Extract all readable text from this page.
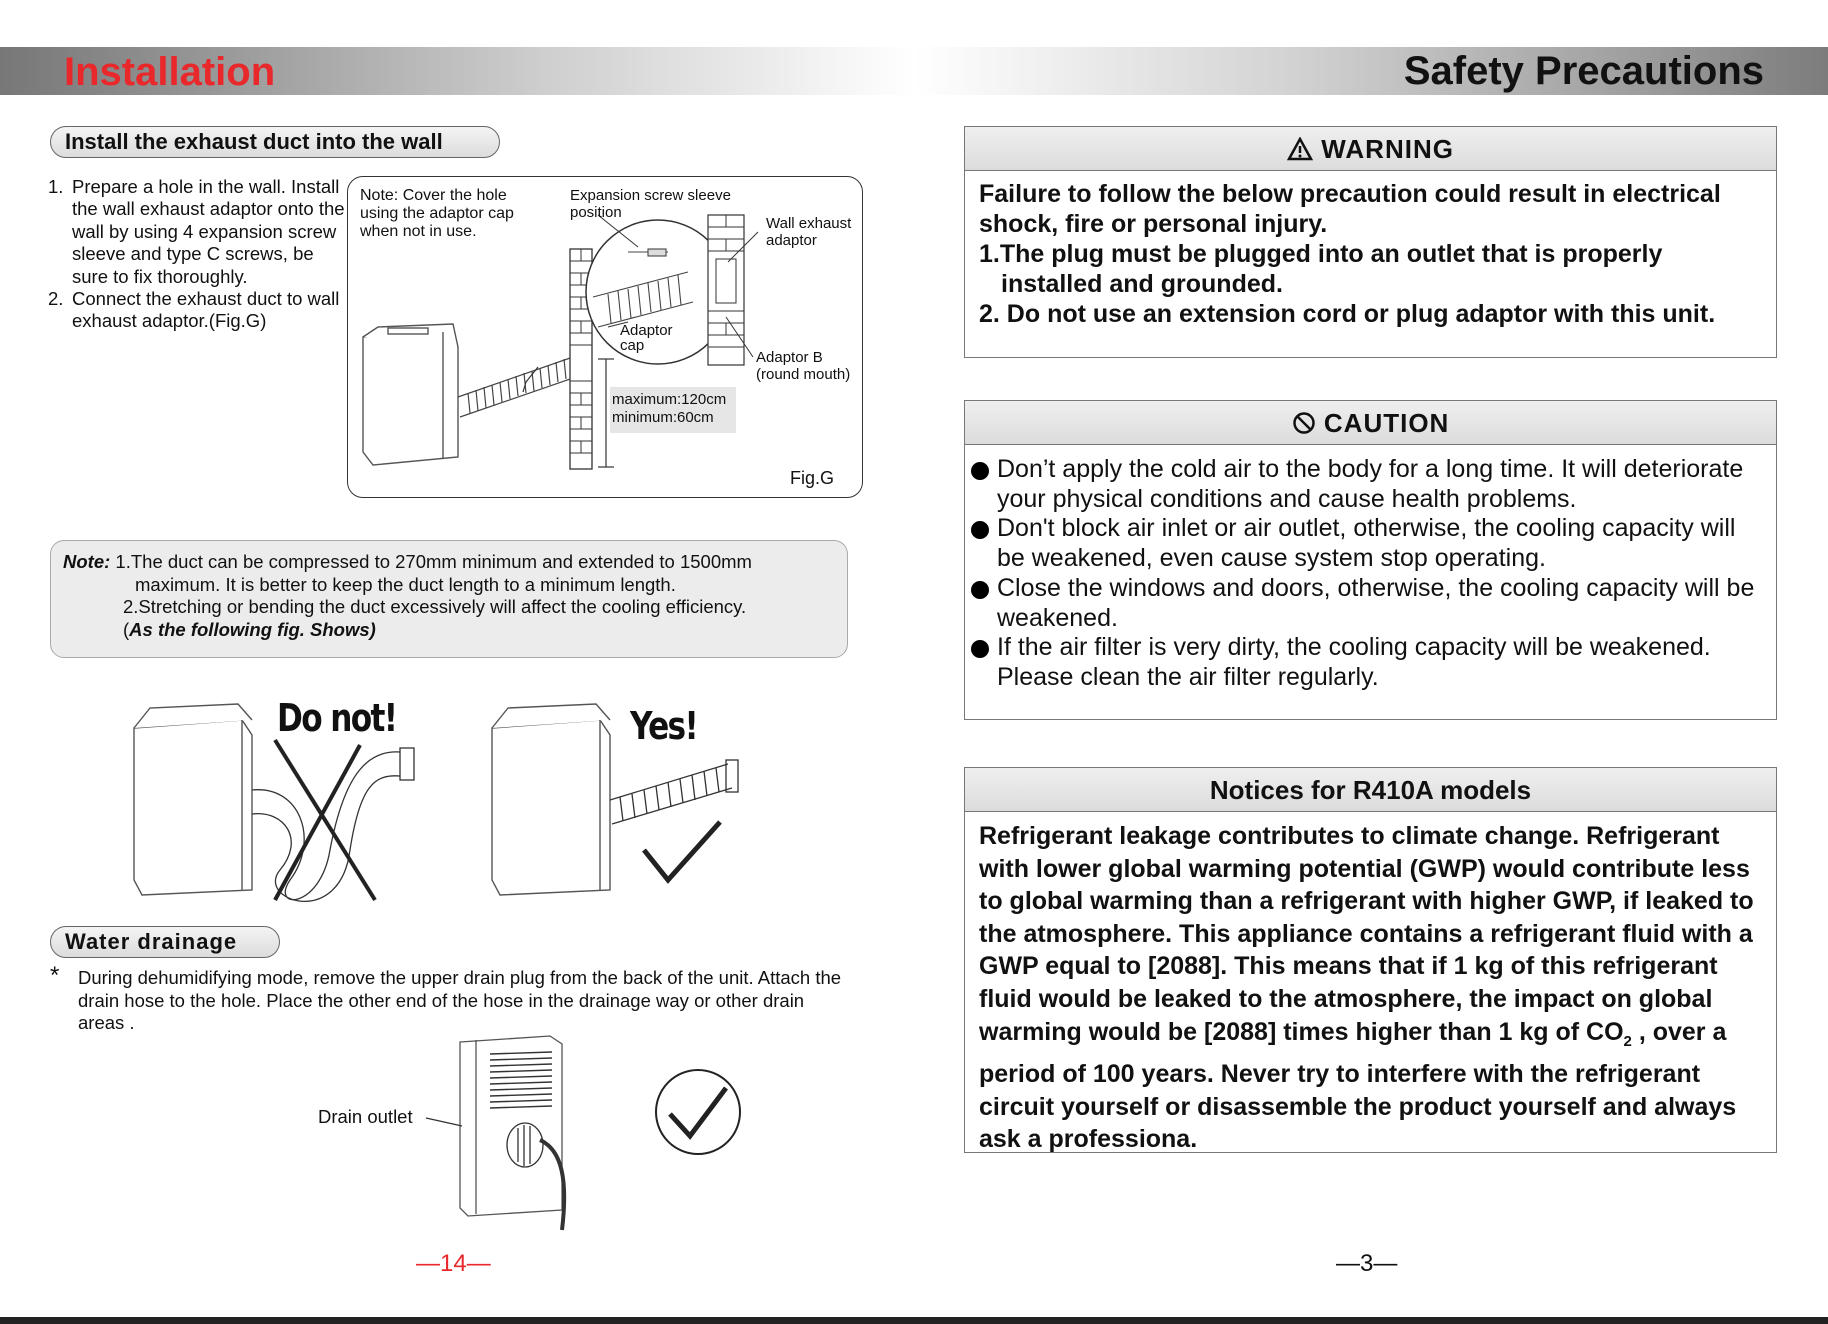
Installation
Install the exhaust duct into the wall
1. Prepare a hole in the wall. Install the wall exhaust adaptor onto the wall by using 4 expansion screw sleeve and type C screws, be sure to fix thoroughly.
2. Connect the exhaust duct to wall exhaust adaptor.(Fig.G)
Note: Cover the hole using the adaptor cap when not in use.
Expansion screw sleeve position
Wall exhaust adaptor
Adaptor cap
Adaptor B (round mouth)
maximum:120cm
minimum:60cm
Fig.G
Note: 1.The duct can be compressed to 270mm minimum and extended to 1500mm
maximum. It is better to keep the duct length to a minimum length.
2.Stretching or bending the duct excessively will affect the cooling efficiency.
(As the following fig. Shows)
Do not!	Yes!
Water drainage
*	During dehumidifying mode, remove the upper drain plug from the back of the unit. Attach the drain hose to the hole. Place the other end of the hose in the drainage way or other drain areas .
Drain outlet
—14—
Safety Precautions
WARNING
Failure to follow the below precaution could result in electrical shock, fire or personal injury.
1.The plug must be plugged into an outlet that is properly installed and grounded.
2. Do not use an extension cord or plug adaptor with this unit.
CAUTION
Don’t apply the cold air to the body for a long time. It will deteriorate your physical conditions and cause health problems.
Don't block air inlet or air outlet, otherwise, the cooling capacity will be weakened, even cause system stop operating.
Close the windows and doors, otherwise, the cooling capacity will be weakened.
If the air filter is very dirty, the cooling capacity will be weakened. Please clean the air filter regularly.
Notices for R410A models
Refrigerant leakage contributes to climate change. Refrigerant with lower global warming potential (GWP) would contribute less to global warming than a refrigerant with higher GWP, if leaked to the atmosphere. This appliance contains a refrigerant fluid with a GWP equal to [2088]. This means that if 1 kg of this refrigerant fluid would be leaked to the atmosphere, the impact on global warming would be [2088] times higher than 1 kg of $CO_2$ , over a period of 100 years. Never try to interfere with the refrigerant circuit yourself or disassemble the product yourself and always ask a professiona.
—3—
